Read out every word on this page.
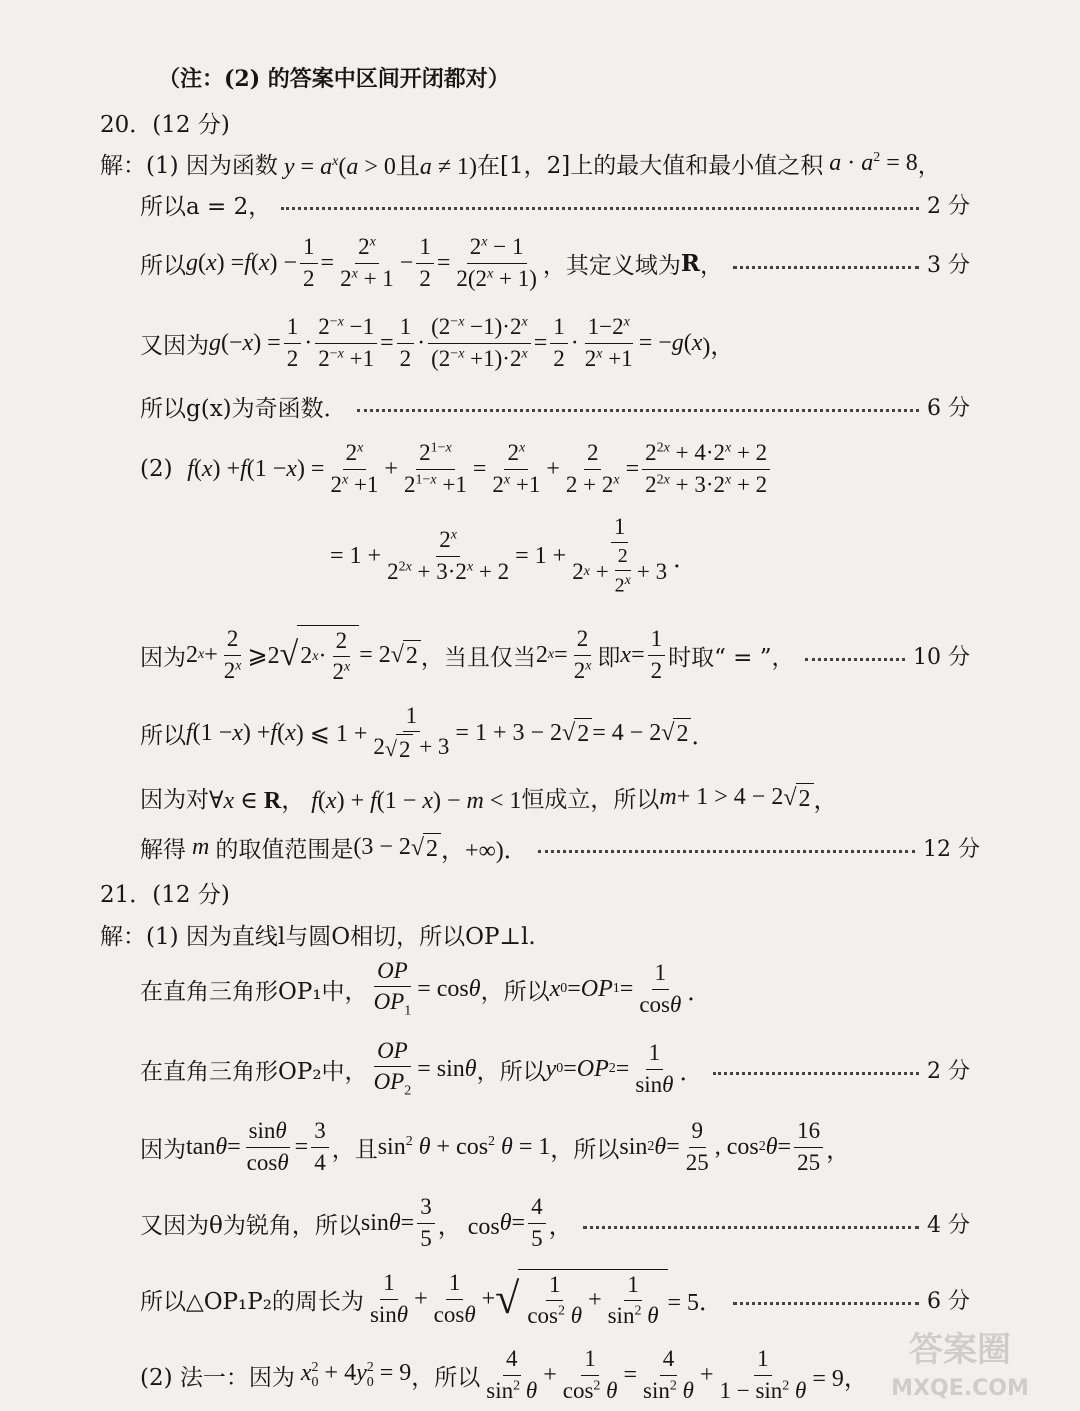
（注：(2) 的答案中区间开闭都对）
20．(12 分)
解：(1) 因为函数 $y = a^x(a > 0$且a ≠ 1) 在[1，2]上的最大值和最小值之积 $a \cdot a^2 = 8$ ，
所以a = 2，	2 分
所以 g ( x ) = f ( x ) − $\frac{1}{2} = \frac{2^x}{2^x + 1} - \frac{1}{2} = \frac{2^x - 1}{2(2^x + 1)}$ ，其定义域为 R ，	3 分
又因为 g (− x ) = $\frac{1}{2} \cdot \frac{2^{-x} -1}{2^{-x} +1} = \frac{1}{2} \cdot \frac{(2^{-x} -1)\cdot 2^x}{(2^{-x} +1)\cdot 2^x} = \frac{1}{2} \cdot \frac{1-2^x}{2^x +1}$ = − g ( x )，
所以g(x)为奇函数．	6 分
(2)
f ( x ) + f (1 − x ) = $\frac{2^x}{2^x +1} + \frac{2^{1-x}}{2^{1-x} +1} = \frac{2^x}{2^x +1} + \frac{2}{2 + 2^x} = \frac{2^{2x} + 4\cdot 2^x + 2}{2^{2x} + 3\cdot 2^x + 2}$
= $1 + \frac{2^x}{2^{2x} + 3\cdot 2^x + 2} = 1 + \frac{1}{2 x + \frac{2}{2^x} + 3}$ ．
因为 2 $x + \frac{2}{2^x}$ ⩾2 √ 2 $x \cdot \frac{2}{2^x} = 2$ √ 2 ，当且仅当 2 $x = \frac{2}{2^x}$ 即 $x = \frac{1}{2}$ 时取“ = ”，	10 分
所以 f (1 − x ) + f ( x ) ⩽ $1 + \frac{1}{2 √ 2 + 3} = 1 + 3 - 2$ √ 2 = 4 − 2 √ 2 ．
因为对 ∀x ∈ R， f(x) + f(1 − x) − m < 1 恒成立，所以 m + 1 > 4 − 2 √ 2 ，
解得 m 的取值范围是 (3 − 2 √ 2 ，+∞)．	12 分
21．(12 分)
解：(1) 因为直线l与圆O相切，所以OP⊥l.
在直角三角形OP₁中， $\frac{OP}{OP_1} = \cos \theta$ ，所以 x 0 = OP $1 = \frac{1}{\cos\theta}$ ．
在直角三角形OP₂中， $\frac{OP}{OP_2} = \sin \theta$ ，所以 y 0 = OP $2 = \frac{1}{\sin\theta}$ ．	2 分
因为 $\tan \theta = \frac{\sin\theta}{\cos\theta} = \frac{3}{4}$ ，且 $\sin^2 \theta + \cos^2 \theta = 1$ ，所以 sin 2 $\theta = \frac{9}{25}$ , cos 2 $\theta = \frac{16}{25}$ ，
又因为θ为锐角，所以 $\sin \theta = \frac{3}{5}$ ， $\cos \theta = \frac{4}{5}$ ，	4 分
所以△OP₁P₂的周长为 $\frac{1}{\sin\theta} + \frac{1}{\cos\theta}$ + √ $\frac{1}{\cos^2 \theta} + \frac{1}{\sin^2 \theta} = 5$．	6 分
(2) 法一：因为 $x_0^2 + 4y_0^2 = 9$ ，所以 $\frac{4}{\sin^2 \theta} + \frac{1}{\cos^2 \theta} = \frac{4}{\sin^2 \theta} + \frac{1}{1 - \sin^2 \theta} = 9$，
答案圈
MXQE.COM
